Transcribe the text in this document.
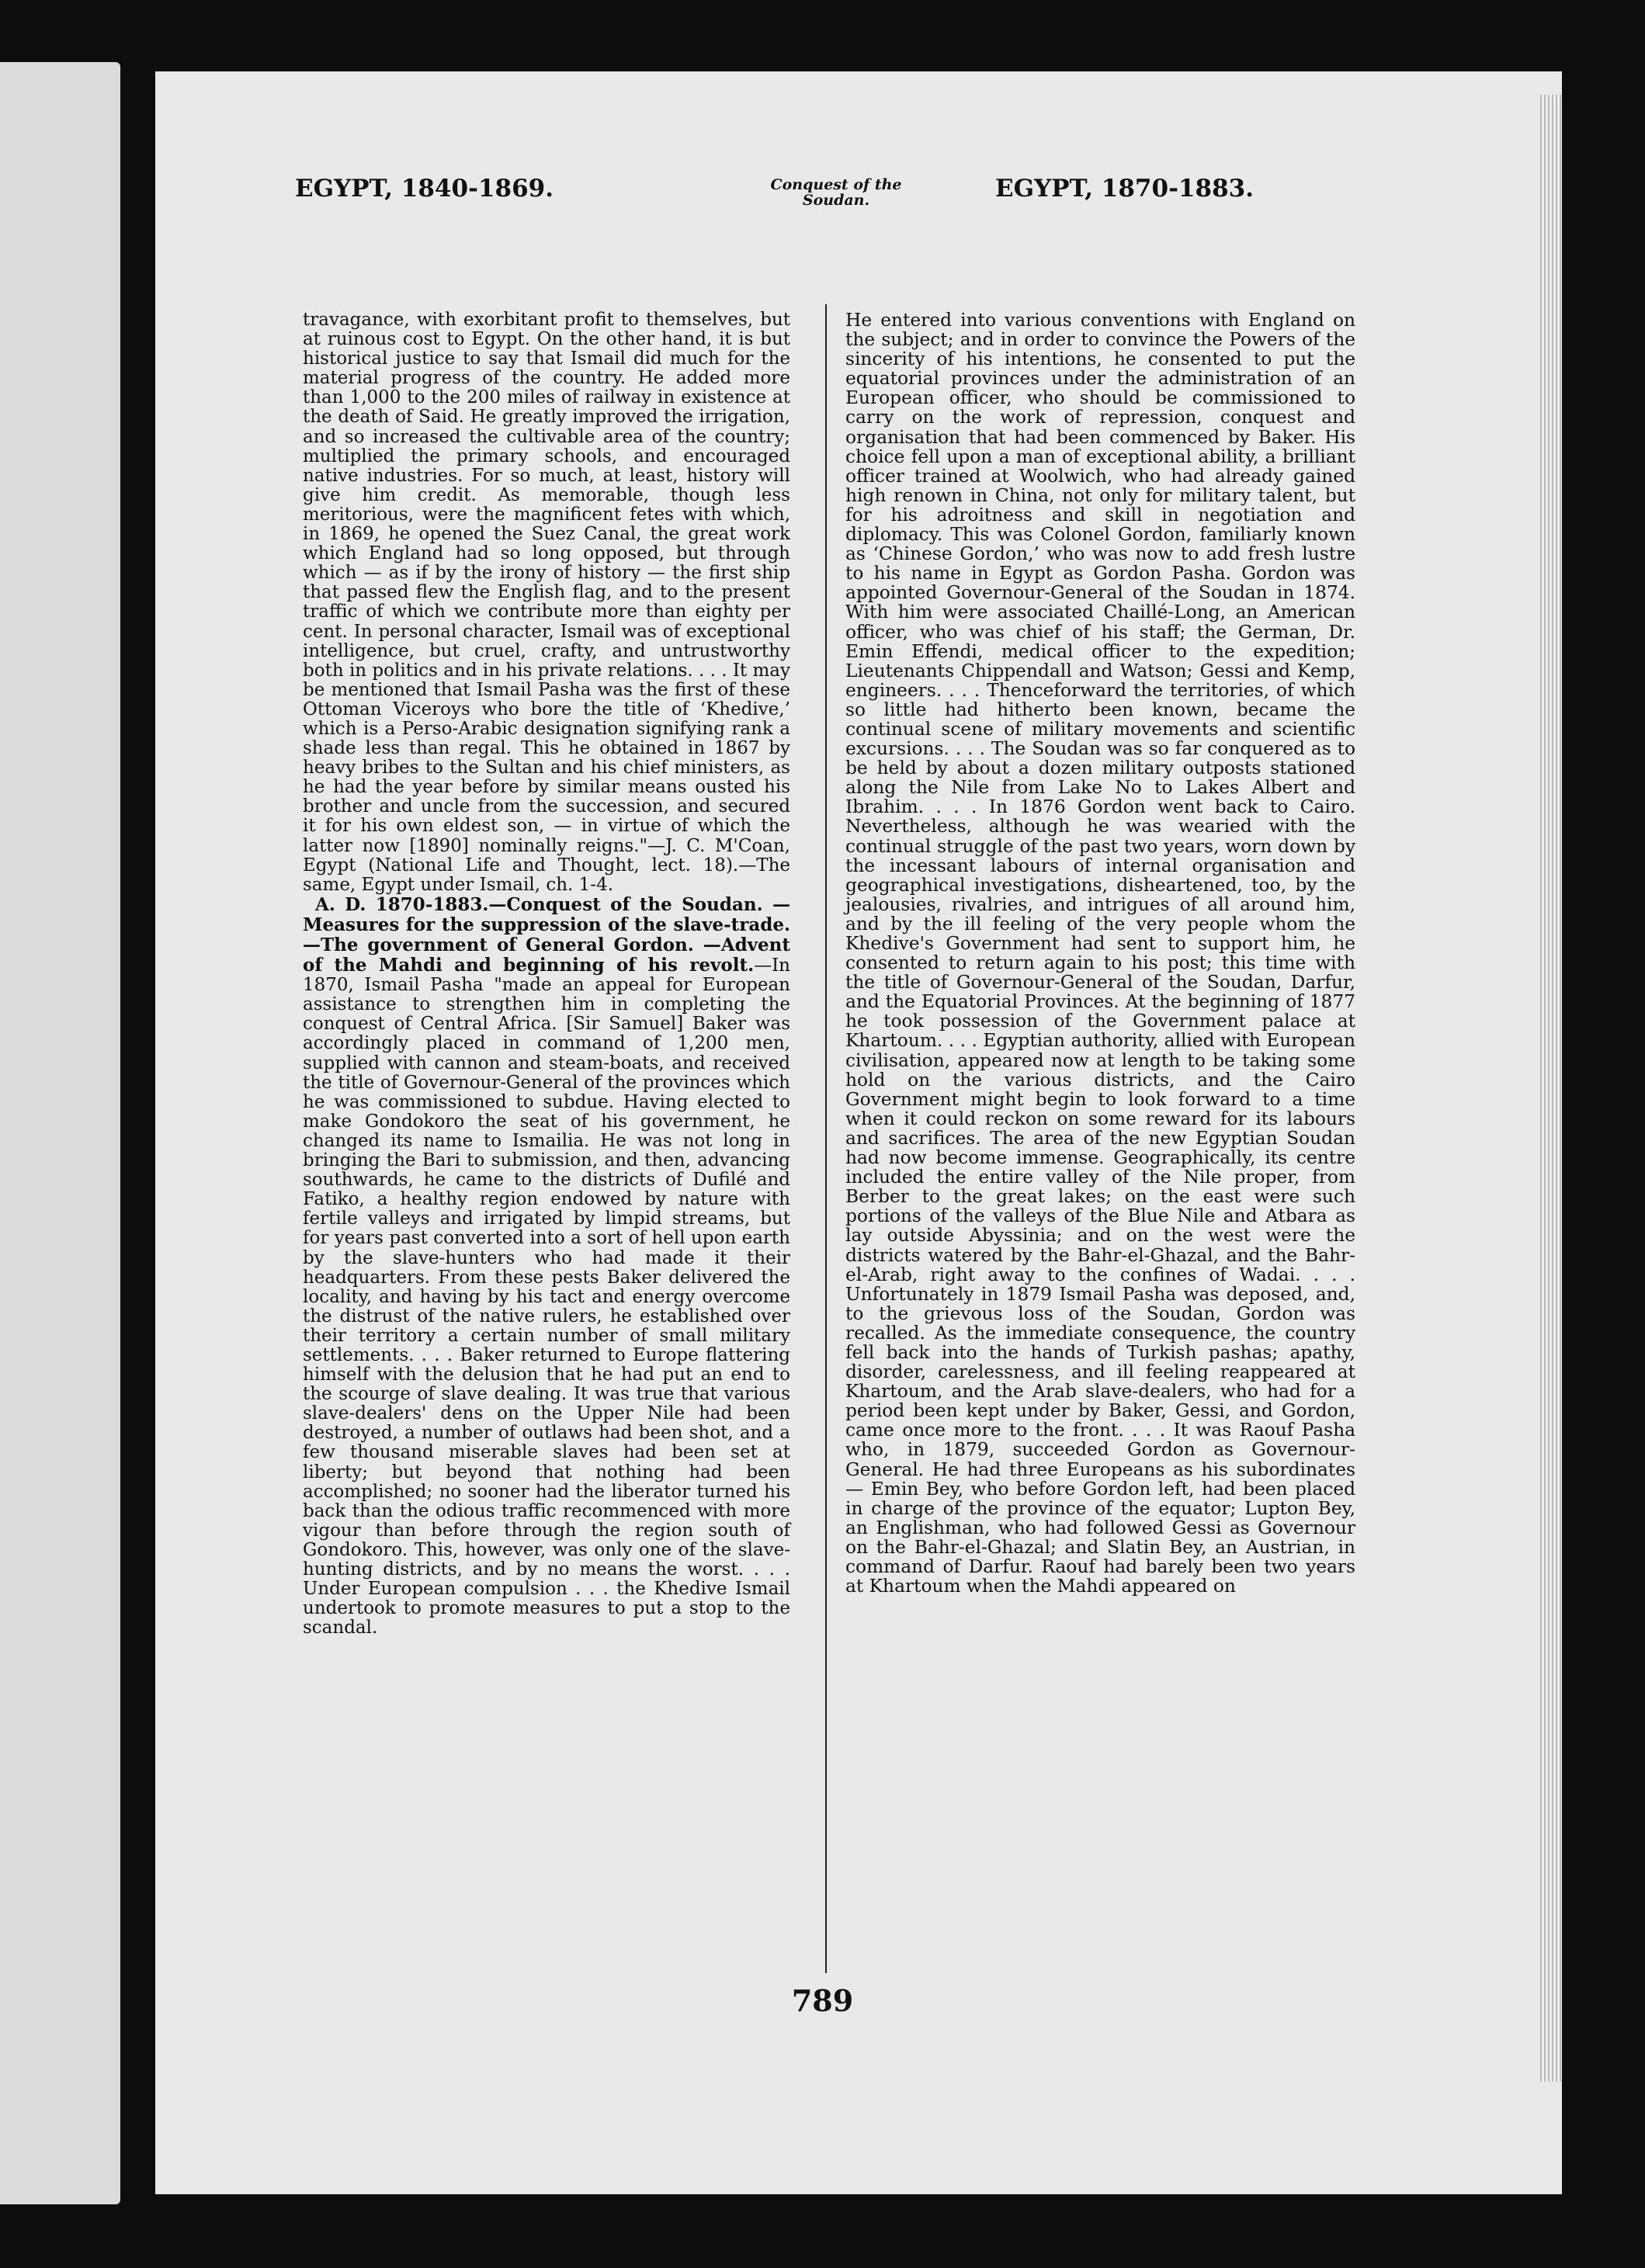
EGYPT, 1840-1869.	Conquest of the Soudan.	EGYPT, 1870-1883.

travagance, with exorbitant profit to themselves, but at ruinous cost to Egypt. On the other hand, it is but historical justice to say that Ismail did much for the material progress of the country. He added more than 1,000 to the 200 miles of railway in existence at the death of Said. He greatly improved the irrigation, and so increased the cultivable area of the country; multiplied the primary schools, and encouraged native industries. For so much, at least, history will give him credit. As memorable, though less meritorious, were the magnificent fetes with which, in 1869, he opened the Suez Canal, the great work which England had so long opposed, but through which — as if by the irony of history — the first ship that passed flew the English flag, and to the present traffic of which we contribute more than eighty per cent. In personal character, Ismail was of exceptional intelligence, but cruel, crafty, and untrustworthy both in politics and in his private relations. . . . It may be mentioned that Ismail Pasha was the first of these Ottoman Viceroys who bore the title of ‘Khedive,’ which is a Perso-Arabic designation signifying rank a shade less than regal. This he obtained in 1867 by heavy bribes to the Sultan and his chief ministers, as he had the year before by similar means ousted his brother and uncle from the succession, and secured it for his own eldest son, — in virtue of which the latter now [1890] nominally reigns."—J. C. M'Coan, Egypt (National Life and Thought, lect. 18).—The same, Egypt under Ismail, ch. 1-4.

A. D. 1870-1883.—Conquest of the Soudan. —Measures for the suppression of the slave-trade.—The government of General Gordon. —Advent of the Mahdi and beginning of his revolt.—In 1870, Ismail Pasha "made an appeal for European assistance to strengthen him in completing the conquest of Central Africa. [Sir Samuel] Baker was accordingly placed in command of 1,200 men, supplied with cannon and steam-boats, and received the title of Governour-General of the provinces which he was commissioned to subdue. Having elected to make Gondokoro the seat of his government, he changed its name to Ismailia. He was not long in bringing the Bari to submission, and then, advancing southwards, he came to the districts of Dufilé and Fatiko, a healthy region endowed by nature with fertile valleys and irrigated by limpid streams, but for years past converted into a sort of hell upon earth by the slave-hunters who had made it their headquarters. From these pests Baker delivered the locality, and having by his tact and energy overcome the distrust of the native rulers, he established over their territory a certain number of small military settlements. . . . Baker returned to Europe flattering himself with the delusion that he had put an end to the scourge of slave dealing. It was true that various slave-dealers' dens on the Upper Nile had been destroyed, a number of outlaws had been shot, and a few thousand miserable slaves had been set at liberty; but beyond that nothing had been accomplished; no sooner had the liberator turned his back than the odious traffic recommenced with more vigour than before through the region south of Gondokoro. This, however, was only one of the slave-hunting districts, and by no means the worst. . . . Under European compulsion . . . the Khedive Ismail undertook to promote measures to put a stop to the scandal.

He entered into various conventions with England on the subject; and in order to convince the Powers of the sincerity of his intentions, he consented to put the equatorial provinces under the administration of an European officer, who should be commissioned to carry on the work of repression, conquest and organisation that had been commenced by Baker. His choice fell upon a man of exceptional ability, a brilliant officer trained at Woolwich, who had already gained high renown in China, not only for military talent, but for his adroitness and skill in negotiation and diplomacy. This was Colonel Gordon, familiarly known as ‘Chinese Gordon,’ who was now to add fresh lustre to his name in Egypt as Gordon Pasha. Gordon was appointed Governour-General of the Soudan in 1874. With him were associated Chaillé-Long, an American officer, who was chief of his staff; the German, Dr. Emin Effendi, medical officer to the expedition; Lieutenants Chippendall and Watson; Gessi and Kemp, engineers. . . . Thenceforward the territories, of which so little had hitherto been known, became the continual scene of military movements and scientific excursions. . . . The Soudan was so far conquered as to be held by about a dozen military outposts stationed along the Nile from Lake No to Lakes Albert and Ibrahim. . . . In 1876 Gordon went back to Cairo. Nevertheless, although he was wearied with the continual struggle of the past two years, worn down by the incessant labours of internal organisation and geographical investigations, disheartened, too, by the jealousies, rivalries, and intrigues of all around him, and by the ill feeling of the very people whom the Khedive's Government had sent to support him, he consented to return again to his post; this time with the title of Governour-General of the Soudan, Darfur, and the Equatorial Provinces. At the beginning of 1877 he took possession of the Government palace at Khartoum. . . . Egyptian authority, allied with European civilisation, appeared now at length to be taking some hold on the various districts, and the Cairo Government might begin to look forward to a time when it could reckon on some reward for its labours and sacrifices. The area of the new Egyptian Soudan had now become immense. Geographically, its centre included the entire valley of the Nile proper, from Berber to the great lakes; on the east were such portions of the valleys of the Blue Nile and Atbara as lay outside Abyssinia; and on the west were the districts watered by the Bahr-el-Ghazal, and the Bahr-el-Arab, right away to the confines of Wadai. . . . Unfortunately in 1879 Ismail Pasha was deposed, and, to the grievous loss of the Soudan, Gordon was recalled. As the immediate consequence, the country fell back into the hands of Turkish pashas; apathy, disorder, carelessness, and ill feeling reappeared at Khartoum, and the Arab slave-dealers, who had for a period been kept under by Baker, Gessi, and Gordon, came once more to the front. . . . It was Raouf Pasha who, in 1879, succeeded Gordon as Governour-General. He had three Europeans as his subordinates — Emin Bey, who before Gordon left, had been placed in charge of the province of the equator; Lupton Bey, an Englishman, who had followed Gessi as Governour on the Bahr-el-Ghazal; and Slatin Bey, an Austrian, in command of Darfur. Raouf had barely been two years at Khartoum when the Mahdi appeared on

789
